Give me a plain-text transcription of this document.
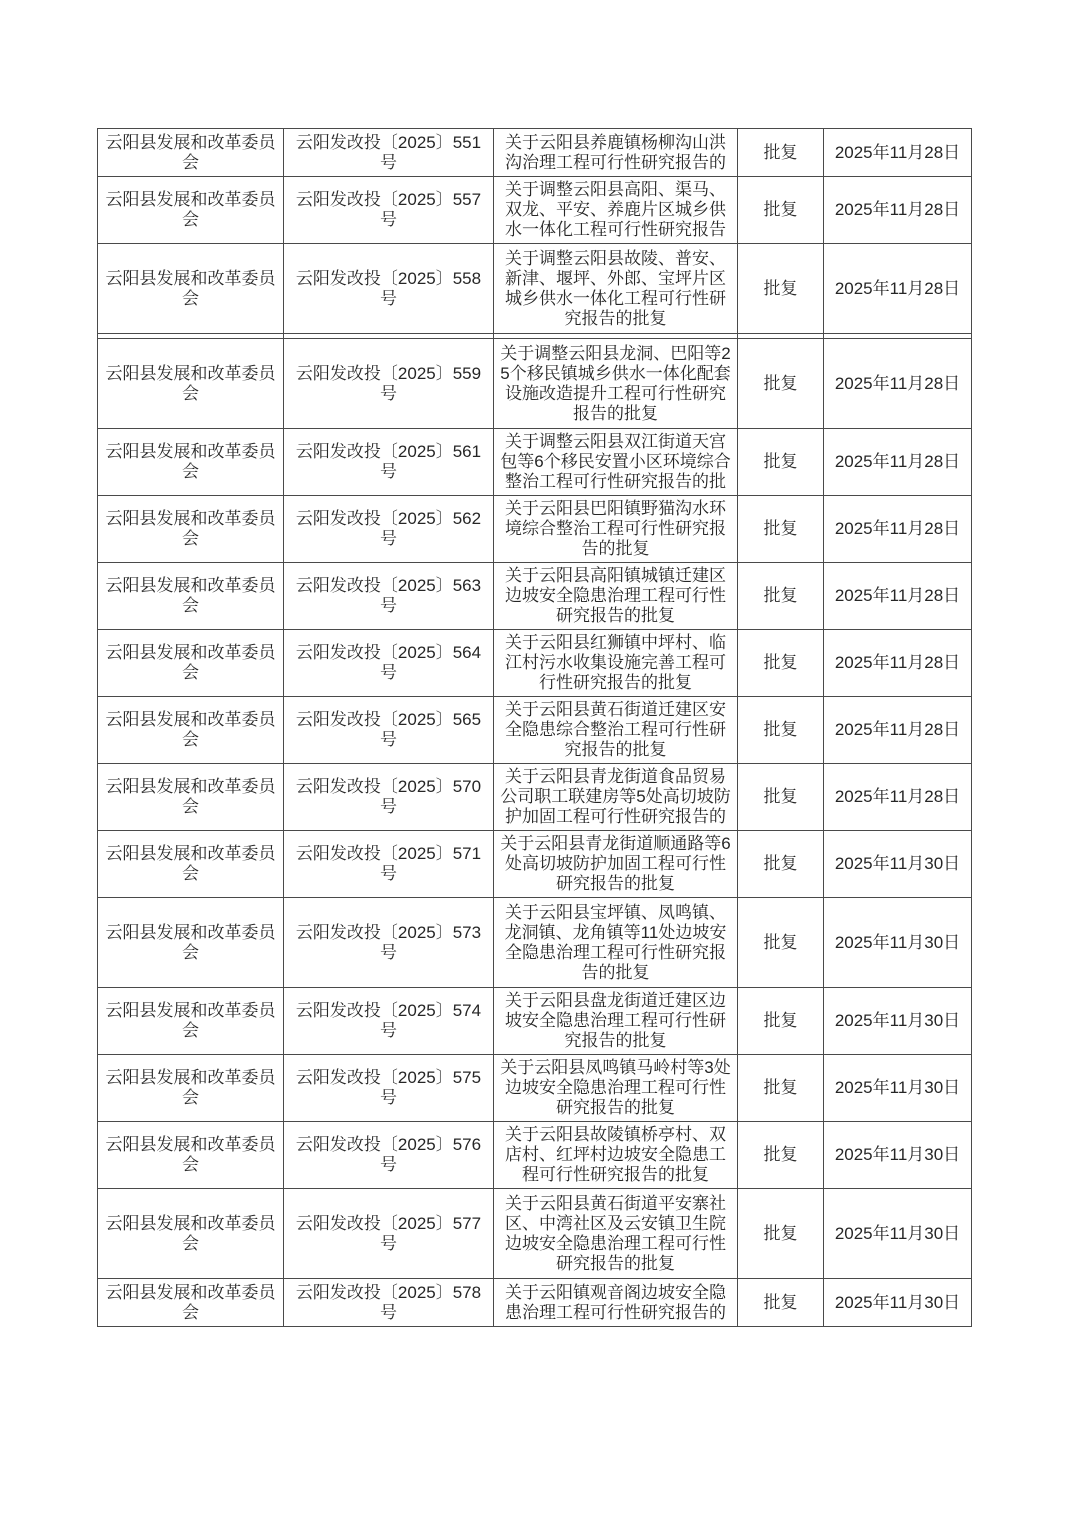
云阳县发展和改革委员会	云阳发改投〔2025〕551号	关于云阳县养鹿镇杨柳沟山洪沟治理工程可行性研究报告的	批复	2025年11月28日
云阳县发展和改革委员会	云阳发改投〔2025〕557号	关于调整云阳县高阳、渠马、双龙、平安、养鹿片区城乡供水一体化工程可行性研究报告	批复	2025年11月28日
云阳县发展和改革委员会	云阳发改投〔2025〕558号	关于调整云阳县故陵、普安、新津、堰坪、外郎、宝坪片区城乡供水一体化工程可行性研究报告的批复	批复	2025年11月28日

云阳县发展和改革委员会	云阳发改投〔2025〕559号	关于调整云阳县龙洞、巴阳等25个移民镇城乡供水一体化配套设施改造提升工程可行性研究报告的批复	批复	2025年11月28日
云阳县发展和改革委员会	云阳发改投〔2025〕561号	关于调整云阳县双江街道天宫包等6个移民安置小区环境综合整治工程可行性研究报告的批	批复	2025年11月28日
云阳县发展和改革委员会	云阳发改投〔2025〕562号	关于云阳县巴阳镇野猫沟水环境综合整治工程可行性研究报告的批复	批复	2025年11月28日
云阳县发展和改革委员会	云阳发改投〔2025〕563号	关于云阳县高阳镇城镇迁建区边坡安全隐患治理工程可行性研究报告的批复	批复	2025年11月28日
云阳县发展和改革委员会	云阳发改投〔2025〕564号	关于云阳县红狮镇中坪村、临江村污水收集设施完善工程可行性研究报告的批复	批复	2025年11月28日
云阳县发展和改革委员会	云阳发改投〔2025〕565号	关于云阳县黄石街道迁建区安全隐患综合整治工程可行性研究报告的批复	批复	2025年11月28日
云阳县发展和改革委员会	云阳发改投〔2025〕570号	关于云阳县青龙街道食品贸易公司职工联建房等5处高切坡防护加固工程可行性研究报告的	批复	2025年11月28日
云阳县发展和改革委员会	云阳发改投〔2025〕571号	关于云阳县青龙街道顺通路等6处高切坡防护加固工程可行性研究报告的批复	批复	2025年11月30日
云阳县发展和改革委员会	云阳发改投〔2025〕573号	关于云阳县宝坪镇、凤鸣镇、龙洞镇、龙角镇等11处边坡安全隐患治理工程可行性研究报告的批复	批复	2025年11月30日
云阳县发展和改革委员会	云阳发改投〔2025〕574号	关于云阳县盘龙街道迁建区边坡安全隐患治理工程可行性研究报告的批复	批复	2025年11月30日
云阳县发展和改革委员会	云阳发改投〔2025〕575号	关于云阳县凤鸣镇马岭村等3处边坡安全隐患治理工程可行性研究报告的批复	批复	2025年11月30日
云阳县发展和改革委员会	云阳发改投〔2025〕576号	关于云阳县故陵镇桥亭村、双店村、红坪村边坡安全隐患工程可行性研究报告的批复	批复	2025年11月30日
云阳县发展和改革委员会	云阳发改投〔2025〕577号	关于云阳县黄石街道平安寨社区、中湾社区及云安镇卫生院边坡安全隐患治理工程可行性研究报告的批复	批复	2025年11月30日
云阳县发展和改革委员会	云阳发改投〔2025〕578号	关于云阳镇观音阁边坡安全隐患治理工程可行性研究报告的	批复	2025年11月30日
